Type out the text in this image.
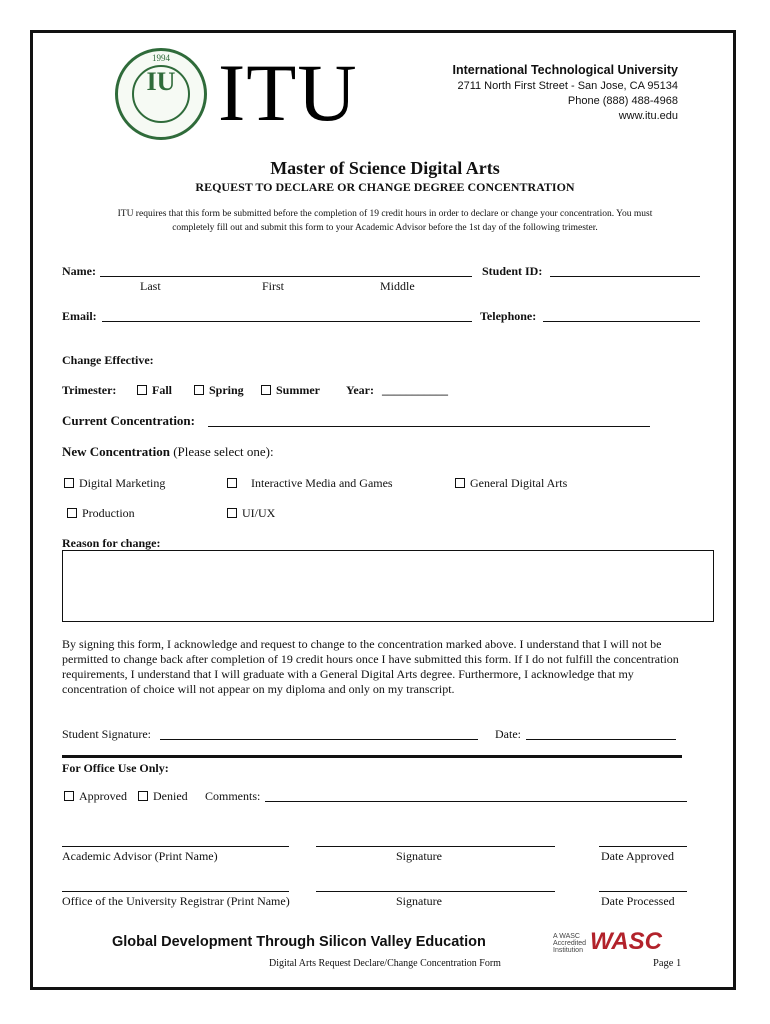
1994
IU ITU	International Technological University
2711 North First Street - San Jose, CA 95134
Phone (888) 488-4968
www.itu.edu
Master of Science Digital Arts
REQUEST TO DECLARE OR CHANGE DEGREE CONCENTRATION
ITU requires that this form be submitted before the completion of 19 credit hours in order to declare or change your concentration. You must
completely fill out and submit this form to your Academic Advisor before the 1st day of the following trimester.
Name:	Student ID:
Last	First	Middle
Email:	Telephone:
Change Effective:
Trimester:	Fall	Spring	Summer Year: ___________
Current Concentration:
New Concentration (Please select one):
Digital Marketing	Interactive Media and Games	General Digital Arts
Production	UI/UX
Reason for change:
By signing this form, I acknowledge and request to change to the concentration marked above. I understand that I will not be permitted to change back after completion of 19 credit hours once I have submitted this form. If I do not fulfill the concentration requirements, I understand that I will graduate with a General Digital Arts degree. Furthermore, I acknowledge that my concentration of choice will not appear on my diploma and only on my transcript.
Student Signature:	Date:
For Office Use Only:
Approved	Denied Comments:
Academic Advisor (Print Name)	Signature	Date Approved
Office of the University Registrar (Print Name)	Signature	Date Processed
Global Development Through Silicon Valley Education	A WASC Accredited Institution WASC
Digital Arts Request Declare/Change Concentration Form	Page 1
